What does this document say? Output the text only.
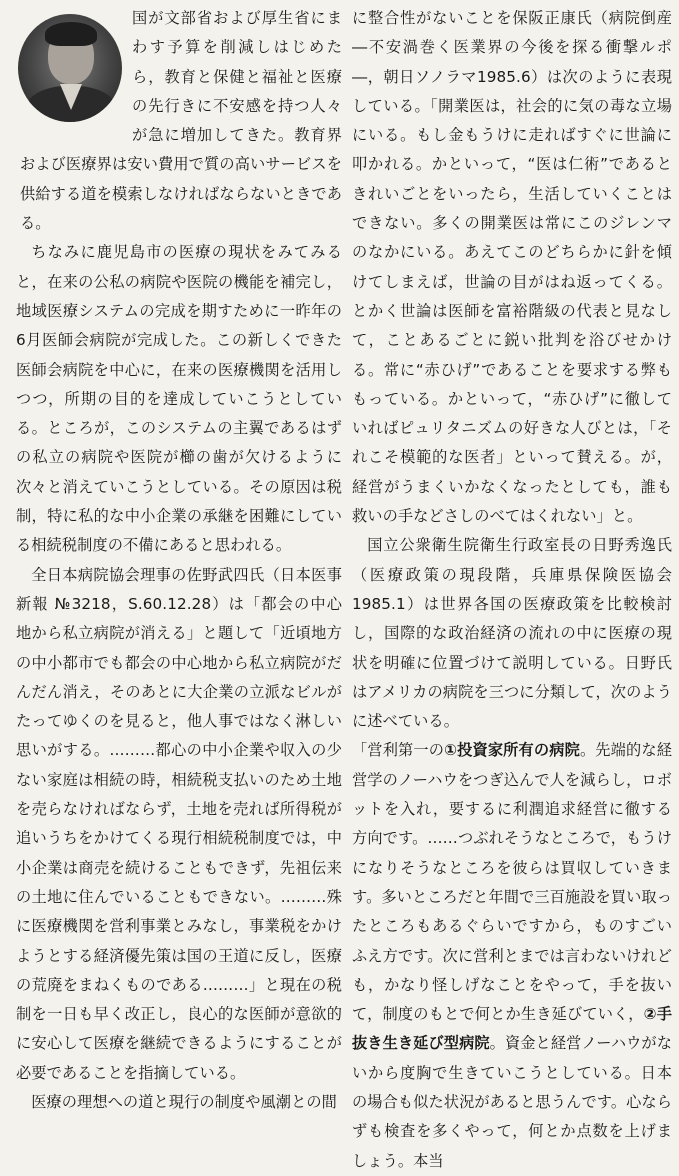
国が文部省および厚生省にまわす予算を削減しはじめたら，教育と保健と福祉と医療の先行きに不安感を持つ人々が急に増加してきた。教育界および医療界は安い費用で質の高いサービスを供給する道を模索しなければならないときである。

ちなみに鹿児島市の医療の現状をみてみると，在来の公私の病院や医院の機能を補完し，地域医療システムの完成を期すために一昨年の6月医師会病院が完成した。この新しくできた医師会病院を中心に，在来の医療機関を活用しつつ，所期の目的を達成していこうとしている。ところが，このシステムの主翼であるはずの私立の病院や医院が櫛の歯が欠けるように次々と消えていこうとしている。その原因は税制，特に私的な中小企業の承継を困難にしている相続税制度の不備にあると思われる。

全日本病院協会理事の佐野武四氏（日本医事新報 №3218，S.60.12.28）は「都会の中心地から私立病院が消える」と題して「近頃地方の中小都市でも都会の中心地から私立病院がだんだん消え，そのあとに大企業の立派なビルがたってゆくのを見ると，他人事ではなく淋しい思いがする。………都心の中小企業や収入の少ない家庭は相続の時，相続税支払いのため土地を売らなければならず，土地を売れば所得税が追いうちをかけてくる現行相続税制度では，中小企業は商売を続けることもできず，先祖伝来の土地に住んでいることもできない。………殊に医療機関を営利事業とみなし，事業税をかけようとする経済優先策は国の王道に反し，医療の荒廃をまねくものである………」と現在の税制を一日も早く改正し，良心的な医師が意欲的に安心して医療を継続できるようにすることが必要であることを指摘している。

医療の理想への道と現行の制度や風潮との間

に整合性がないことを保阪正康氏（病院倒産―不安渦巻く医業界の今後を探る衝撃ルポ―，朝日ソノラマ1985.6）は次のように表現している。「開業医は，社会的に気の毒な立場にいる。もし金もうけに走ればすぐに世論に叩かれる。かといって，“医は仁術”であるときれいごとをいったら，生活していくことはできない。多くの開業医は常にこのジレンマのなかにいる。あえてこのどちらかに針を傾けてしまえば，世論の目がはね返ってくる。とかく世論は医師を富裕階級の代表と見なして，ことあるごとに鋭い批判を浴びせかける。常に“赤ひげ”であることを要求する弊ももっている。かといって，“赤ひげ”に徹していればピュリタニズムの好きな人びとは，「それこそ模範的な医者」といって賛える。が，経営がうまくいかなくなったとしても，誰も救いの手などさしのべてはくれない」と。

国立公衆衛生院衛生行政室長の日野秀逸氏（医療政策の現段階，兵庫県保険医協会1985.1）は世界各国の医療政策を比較検討し，国際的な政治経済の流れの中に医療の現状を明確に位置づけて説明している。日野氏はアメリカの病院を三つに分類して，次のように述べている。

「営利第一の①投資家所有の病院。先端的な経営学のノーハウをつぎ込んで人を減らし，ロボットを入れ，要するに利潤追求経営に徹する方向です。……つぶれそうなところで，もうけになりそうなところを彼らは買収していきます。多いところだと年間で三百施設を買い取ったところもあるぐらいですから，ものすごいふえ方です。次に営利とまでは言わないけれども，かなり怪しげなことをやって，手を抜いて，制度のもとで何とか生き延びていく，②手抜き生き延び型病院。資金と経営ノーハウがないから度胸で生きていこうとしている。日本の場合も似た状況があると思うんです。心ならずも検査を多くやって，何とか点数を上げましょう。本当
